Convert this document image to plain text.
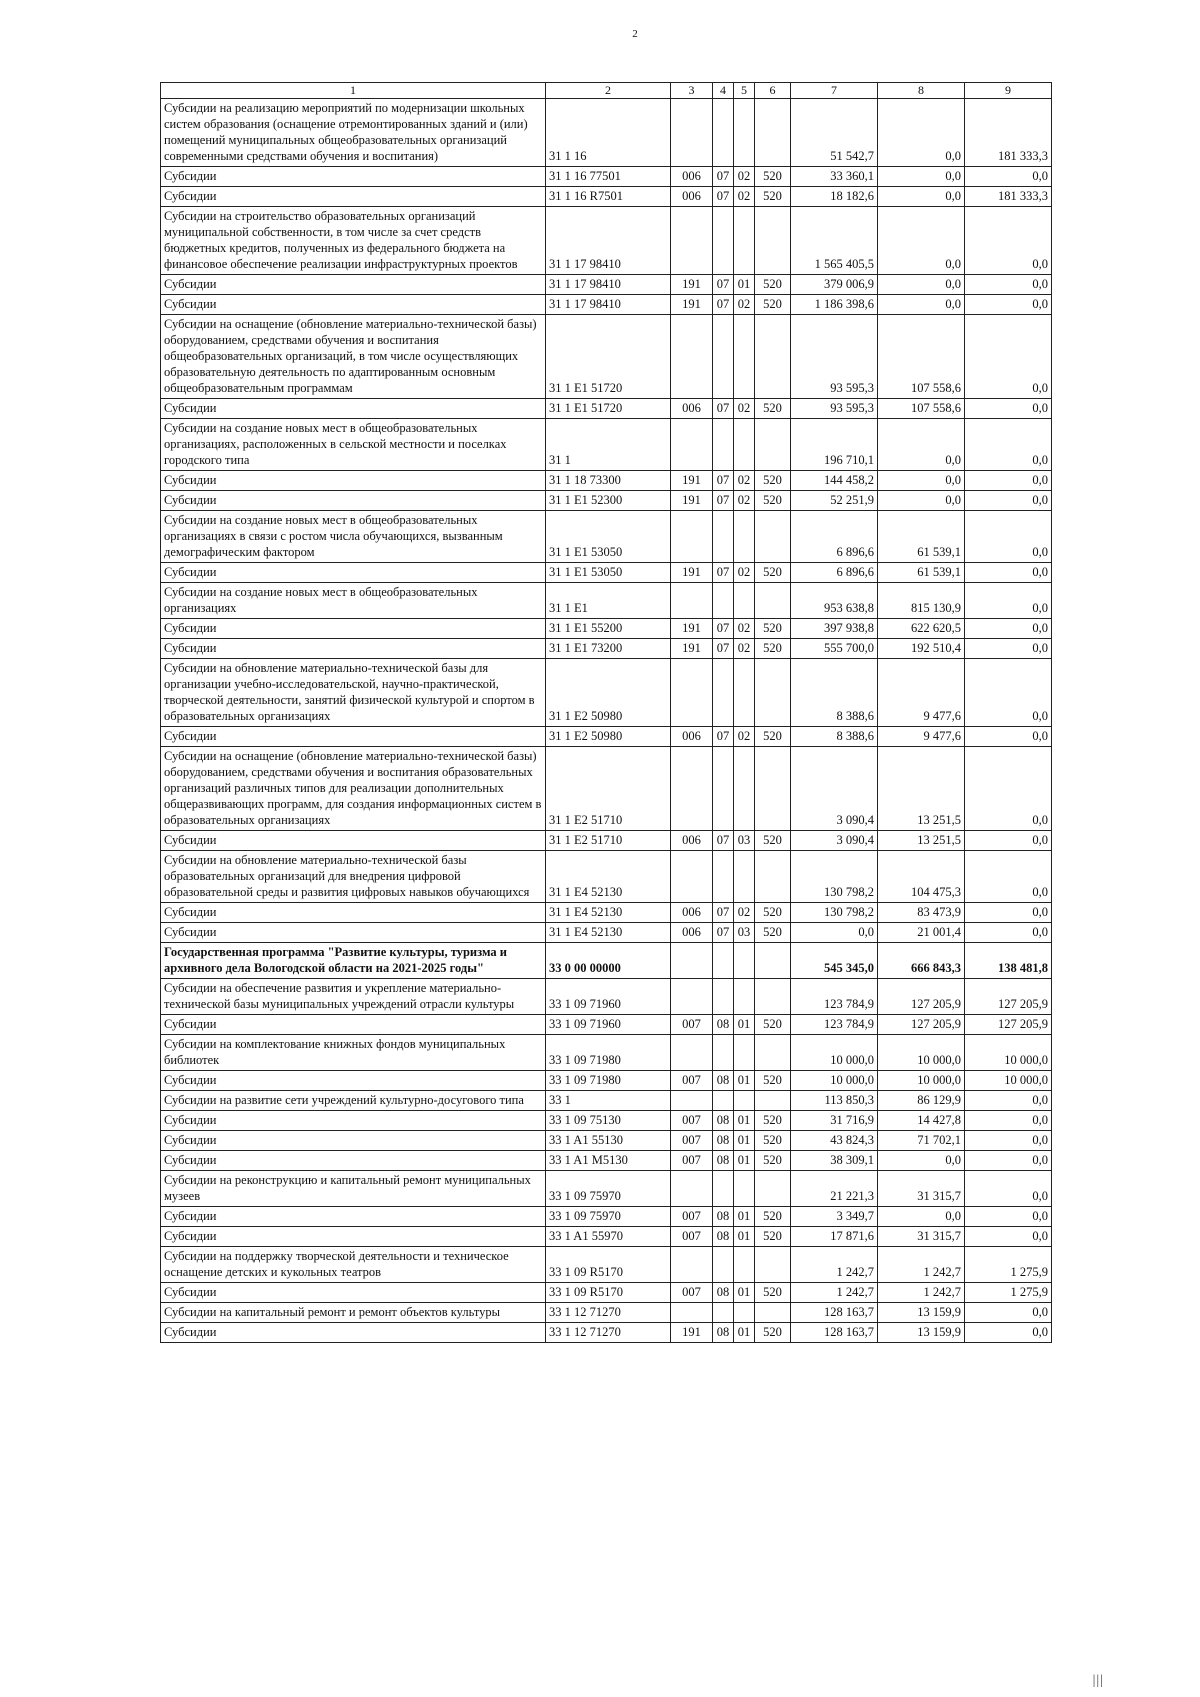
2
1	2	3	4	5	6	7	8	9
Субсидии на реализацию мероприятий по модернизации школьных систем образования (оснащение отремонтированных зданий и (или) помещений муниципальных общеобразовательных организаций современными средствами обучения и воспитания)	31 1 16					51 542,7	0,0	181 333,3
Субсидии	31 1 16 77501	006	07	02	520	33 360,1	0,0	0,0
Субсидии	31 1 16 R7501	006	07	02	520	18 182,6	0,0	181 333,3
Субсидии на строительство образовательных организаций муниципальной собственности, в том числе за счет средств бюджетных кредитов, полученных из федерального бюджета на финансовое обеспечение реализации инфраструктурных проектов	31 1 17 98410					1 565 405,5	0,0	0,0
Субсидии	31 1 17 98410	191	07	01	520	379 006,9	0,0	0,0
Субсидии	31 1 17 98410	191	07	02	520	1 186 398,6	0,0	0,0
Субсидии на оснащение (обновление материально-технической базы) оборудованием, средствами обучения и воспитания общеобразовательных организаций, в том числе осуществляющих образовательную деятельность по адаптированным основным общеобразовательным программам	31 1 E1 51720					93 595,3	107 558,6	0,0
Субсидии	31 1 E1 51720	006	07	02	520	93 595,3	107 558,6	0,0
Субсидии на создание новых мест в общеобразовательных организациях, расположенных в сельской местности и поселках городского типа	31 1					196 710,1	0,0	0,0
Субсидии	31 1 18 73300	191	07	02	520	144 458,2	0,0	0,0
Субсидии	31 1 E1 52300	191	07	02	520	52 251,9	0,0	0,0
Субсидии на создание новых мест в общеобразовательных организациях в связи с ростом числа обучающихся, вызванным демографическим фактором	31 1 E1 53050					6 896,6	61 539,1	0,0
Субсидии	31 1 E1 53050	191	07	02	520	6 896,6	61 539,1	0,0
Субсидии на создание новых мест в общеобразовательных организациях	31 1 E1					953 638,8	815 130,9	0,0
Субсидии	31 1 E1 55200	191	07	02	520	397 938,8	622 620,5	0,0
Субсидии	31 1 E1 73200	191	07	02	520	555 700,0	192 510,4	0,0
Субсидии на обновление материально-технической базы для организации учебно-исследовательской, научно-практической, творческой деятельности, занятий физической культурой и спортом в образовательных организациях	31 1 E2 50980					8 388,6	9 477,6	0,0
Субсидии	31 1 E2 50980	006	07	02	520	8 388,6	9 477,6	0,0
Субсидии на оснащение (обновление материально-технической базы) оборудованием, средствами обучения и воспитания образовательных организаций различных типов для реализации дополнительных общеразвивающих программ, для создания информационных систем в образовательных организациях	31 1 E2 51710					3 090,4	13 251,5	0,0
Субсидии	31 1 E2 51710	006	07	03	520	3 090,4	13 251,5	0,0
Субсидии на обновление материально-технической базы образовательных организаций для внедрения цифровой образовательной среды и развития цифровых навыков обучающихся	31 1 E4 52130					130 798,2	104 475,3	0,0
Субсидии	31 1 E4 52130	006	07	02	520	130 798,2	83 473,9	0,0
Субсидии	31 1 E4 52130	006	07	03	520	0,0	21 001,4	0,0
Государственная программа "Развитие культуры, туризма и архивного дела Вологодской области на 2021-2025 годы"	33 0 00 00000					545 345,0	666 843,3	138 481,8
Субсидии на обеспечение развития и укрепление материально-технической базы муниципальных учреждений отрасли культуры	33 1 09 71960					123 784,9	127 205,9	127 205,9
Субсидии	33 1 09 71960	007	08	01	520	123 784,9	127 205,9	127 205,9
Субсидии на комплектование книжных фондов муниципальных библиотек	33 1 09 71980					10 000,0	10 000,0	10 000,0
Субсидии	33 1 09 71980	007	08	01	520	10 000,0	10 000,0	10 000,0
Субсидии на развитие сети учреждений культурно-досугового типа	33 1					113 850,3	86 129,9	0,0
Субсидии	33 1 09 75130	007	08	01	520	31 716,9	14 427,8	0,0
Субсидии	33 1 A1 55130	007	08	01	520	43 824,3	71 702,1	0,0
Субсидии	33 1 A1 M5130	007	08	01	520	38 309,1	0,0	0,0
Субсидии на реконструкцию и капитальный ремонт муниципальных музеев	33 1 09 75970					21 221,3	31 315,7	0,0
Субсидии	33 1 09 75970	007	08	01	520	3 349,7	0,0	0,0
Субсидии	33 1 A1 55970	007	08	01	520	17 871,6	31 315,7	0,0
Субсидии на поддержку творческой деятельности и техническое оснащение детских и кукольных театров	33 1 09 R5170					1 242,7	1 242,7	1 275,9
Субсидии	33 1 09 R5170	007	08	01	520	1 242,7	1 242,7	1 275,9
Субсидии на капитальный ремонт и ремонт объектов культуры	33 1 12 71270					128 163,7	13 159,9	0,0
Субсидии	33 1 12 71270	191	08	01	520	128 163,7	13 159,9	0,0
|||
